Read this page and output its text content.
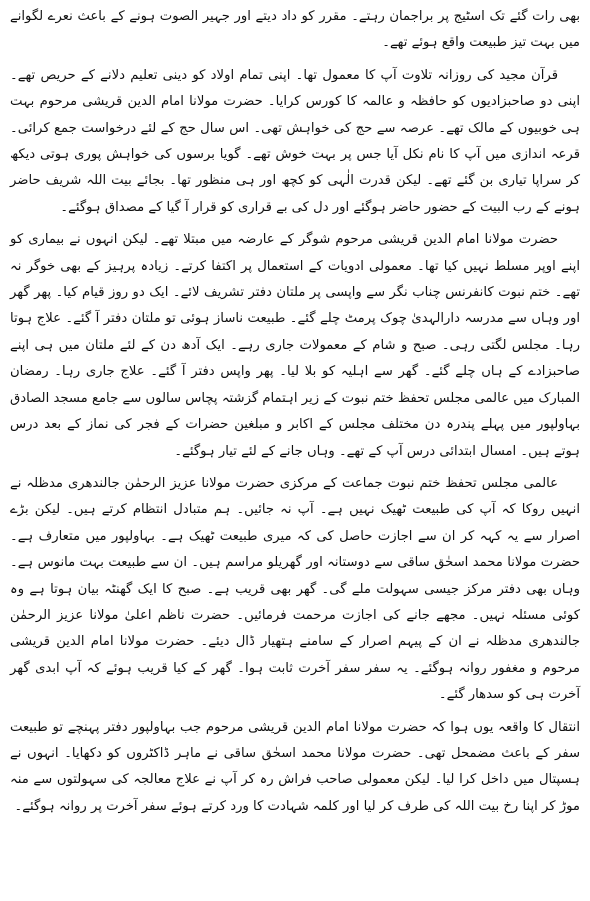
بھی رات گئے تک اسٹیج پر براجمان رہتے۔ مقرر کو داد دیتے اور جہیر الصوت ہونے کے باعث نعرے لگوانے میں بہت تیز طبیعت واقع ہوئے تھے۔

قرآن مجید کی روزانہ تلاوت آپ کا معمول تھا۔ اپنی تمام اولاد کو دینی تعلیم دلانے کے حریص تھے۔ اپنی دو صاحبزادیوں کو حافظہ و عالمہ کا کورس کرایا۔ حضرت مولانا امام الدین قریشی مرحوم بہت ہی خوبیوں کے مالک تھے۔ عرصہ سے حج کی خواہش تھی۔ اس سال حج کے لئے درخواست جمع کرائی۔ قرعہ اندازی میں آپ کا نام نکل آیا جس پر بہت خوش تھے۔ گویا برسوں کی خواہش پوری ہوتی دیکھ کر سراپا تیاری بن گئے تھے۔ لیکن قدرت الٰہی کو کچھ اور ہی منظور تھا۔ بجائے بیت اللہ شریف حاضر ہونے کے رب البیت کے حضور حاضر ہوگئے اور دل کی بے قراری کو قرار آ گیا کے مصداق ہوگئے۔

حضرت مولانا امام الدین قریشی مرحوم شوگر کے عارضہ میں مبتلا تھے۔ لیکن انہوں نے بیماری کو اپنے اوپر مسلط نہیں کیا تھا۔ معمولی ادویات کے استعمال پر اکتفا کرتے۔ زیادہ پرہیز کے بھی خوگر نہ تھے۔ ختم نبوت کانفرنس چناب نگر سے واپسی پر ملتان دفتر تشریف لائے۔ ایک دو روز قیام کیا۔ پھر گھر اور وہاں سے مدرسہ دارالہدیٰ چوک پرمٹ چلے گئے۔ طبیعت ناساز ہوئی تو ملتان دفتر آ گئے۔ علاج ہوتا رہا۔ مجلس لگتی رہی۔ صبح و شام کے معمولات جاری رہے۔ ایک آدھ دن کے لئے ملتان میں ہی اپنے صاحبزادے کے ہاں چلے گئے۔ گھر سے اہلیہ کو بلا لیا۔ پھر واپس دفتر آ گئے۔ علاج جاری رہا۔ رمضان المبارک میں عالمی مجلس تحفظ ختم نبوت کے زیر اہتمام گزشتہ پچاس سالوں سے جامع مسجد الصادق بہاولپور میں پہلے پندرہ دن مختلف مجلس کے اکابر و مبلغین حضرات کے فجر کی نماز کے بعد درس ہوتے ہیں۔ امسال ابتدائی درس آپ کے تھے۔ وہاں جانے کے لئے تیار ہوگئے۔

عالمی مجلس تحفظ ختم نبوت جماعت کے مرکزی حضرت مولانا عزیز الرحمٰن جالندھری مدظلہ نے انہیں روکا کہ آپ کی طبیعت ٹھیک نہیں ہے۔ آپ نہ جائیں۔ ہم متبادل انتظام کرتے ہیں۔ لیکن بڑے اصرار سے یہ کہہ کر ان سے اجازت حاصل کی کہ میری طبیعت ٹھیک ہے۔ بہاولپور میں متعارف ہے۔ حضرت مولانا محمد اسحٰق ساقی سے دوستانہ اور گھریلو مراسم ہیں۔ ان سے طبیعت بہت مانوس ہے۔ وہاں بھی دفتر مرکز جیسی سہولت ملے گی۔ گھر بھی قریب ہے۔ صبح کا ایک گھنٹہ بیان ہوتا ہے وہ کوئی مسئلہ نہیں۔ مجھے جانے کی اجازت مرحمت فرمائیں۔ حضرت ناظم اعلیٰ مولانا عزیز الرحمٰن جالندھری مدظلہ نے ان کے پیہم اصرار کے سامنے ہتھیار ڈال دیئے۔ حضرت مولانا امام الدین قریشی مرحوم و مغفور روانہ ہوگئے۔ یہ سفر سفر آخرت ثابت ہوا۔ گھر کے کیا قریب ہوئے کہ آپ ابدی گھر آخرت ہی کو سدھار گئے۔

انتقال کا واقعہ یوں ہوا کہ حضرت مولانا امام الدین قریشی مرحوم جب بہاولپور دفتر پہنچے تو طبیعت سفر کے باعث مضمحل تھی۔ حضرت مولانا محمد اسحٰق ساقی نے ماہر ڈاکٹروں کو دکھایا۔ انہوں نے ہسپتال میں داخل کرا لیا۔ لیکن معمولی صاحب فراش رہ کر آپ نے علاج معالجہ کی سہولتوں سے منہ موڑ کر اپنا رخ بیت اللہ کی طرف کر لیا اور کلمہ شہادت کا ورد کرتے ہوئے سفر آخرت پر روانہ ہوگئے۔
